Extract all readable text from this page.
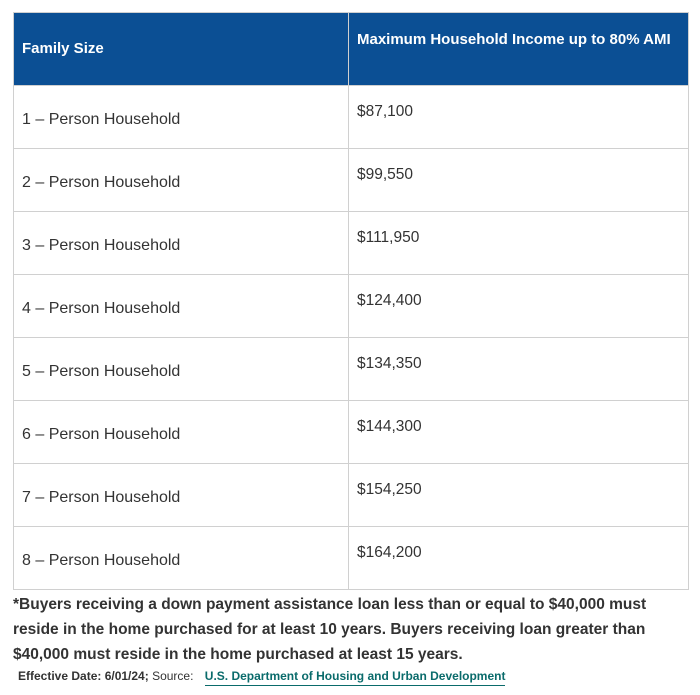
Family Size	Maximum Household Income up to 80% AMI
1 – Person Household	$87,100
2 – Person Household	$99,550
3 – Person Household	$111,950
4 – Person Household	$124,400
5 – Person Household	$134,350
6 – Person Household	$144,300
7 – Person Household	$154,250
8 – Person Household	$164,200
*Buyers receiving a down payment assistance loan less than or equal to $40,000 must reside in the home purchased for at least 10 years. Buyers receiving loan greater than $40,000 must reside in the home purchased at least 15 years.
Effective Date: 6/01/24; Source: U.S. Department of Housing and Urban Development
